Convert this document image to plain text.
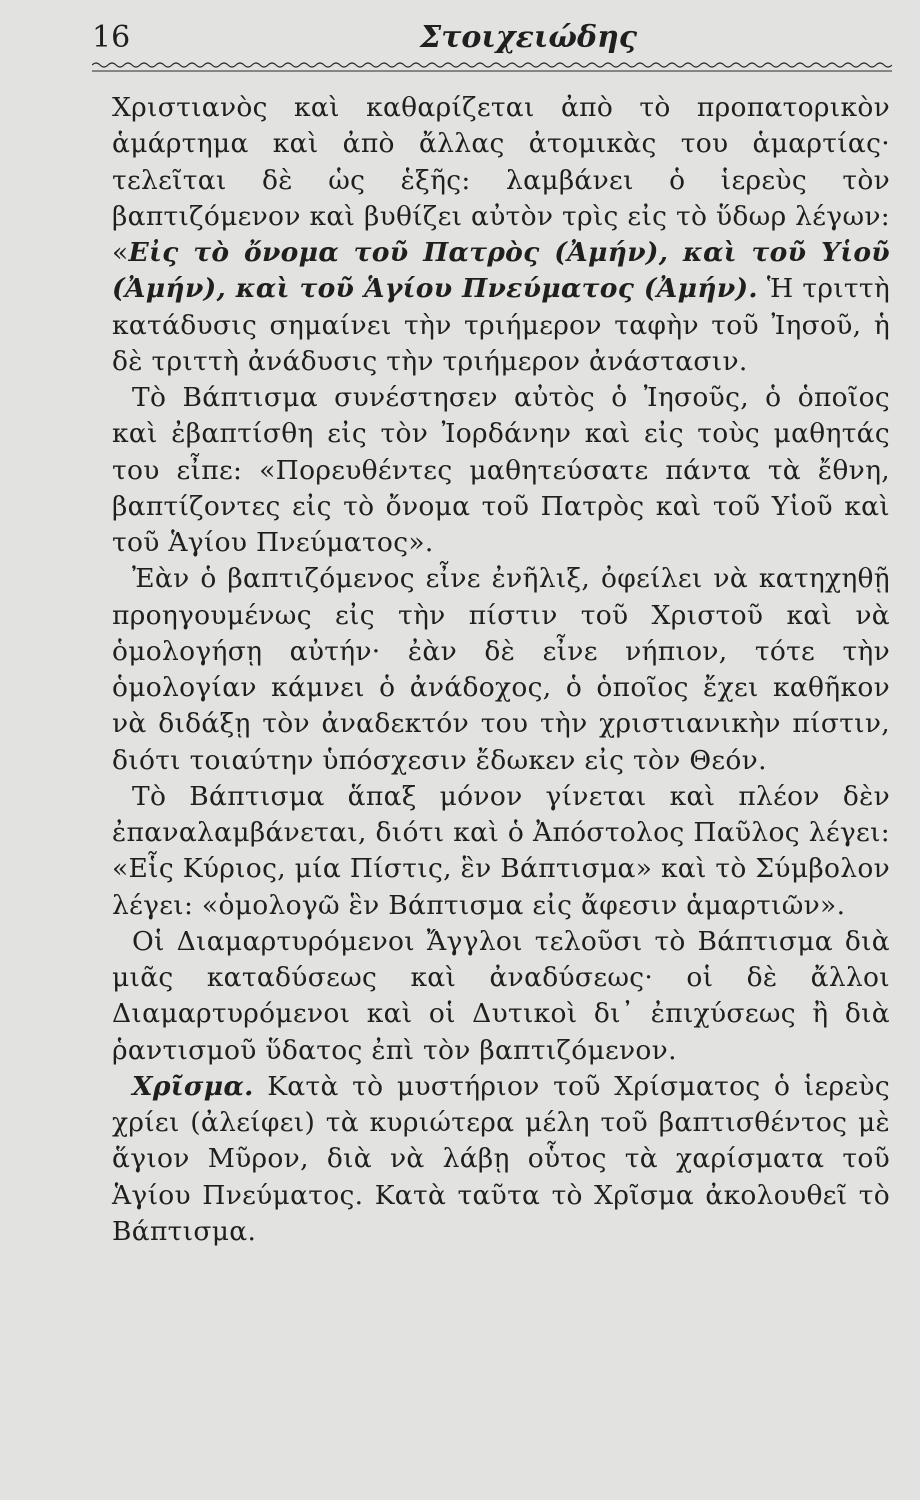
16	Στοιχειώδης

Χριστιανὸς καὶ καθαρίζεται ἀπὸ τὸ προπατορικὸν ἁμάρτημα καὶ ἀπὸ ἄλλας ἀτομικὰς του ἁμαρτίας· τελεῖται δὲ ὡς ἑξῆς: λαμβάνει ὁ ἱερεὺς τὸν βαπτιζόμενον καὶ βυθίζει αὐτὸν τρὶς εἰς τὸ ὕδωρ λέγων: «Εἰς τὸ ὄνομα τοῦ Πατρὸς (Ἀμήν), καὶ τοῦ Υἱοῦ (Ἀμήν), καὶ τοῦ Ἁγίου Πνεύματος (Ἀμήν). Ἡ τριττὴ κατάδυσις σημαίνει τὴν τριήμερον ταφὴν τοῦ Ἰησοῦ, ἡ δὲ τριττὴ ἀνάδυσις τὴν τριήμερον ἀνάστασιν.

Τὸ Βάπτισμα συνέστησεν αὐτὸς ὁ Ἰησοῦς, ὁ ὁποῖος καὶ ἐβαπτίσθη εἰς τὸν Ἰορδάνην καὶ εἰς τοὺς μαθητάς του εἶπε: «Πορευθέντες μαθητεύσατε πάντα τὰ ἔθνη, βαπτίζοντες εἰς τὸ ὄνομα τοῦ Πατρὸς καὶ τοῦ Υἱοῦ καὶ τοῦ Ἁγίου Πνεύματος».

Ἐὰν ὁ βαπτιζόμενος εἶνε ἐνῆλιξ, ὀφείλει νὰ κατηχηθῇ προηγουμένως εἰς τὴν πίστιν τοῦ Χριστοῦ καὶ νὰ ὁμολογήσῃ αὐτήν· ἐὰν δὲ εἶνε νήπιον, τότε τὴν ὁμολογίαν κάμνει ὁ ἀνάδοχος, ὁ ὁποῖος ἔχει καθῆκον νὰ διδάξῃ τὸν ἀναδεκτόν του τὴν χριστιανικὴν πίστιν, διότι τοιαύτην ὑπόσχεσιν ἔδωκεν εἰς τὸν Θεόν.

Τὸ Βάπτισμα ἅπαξ μόνον γίνεται καὶ πλέον δὲν ἐπαναλαμβάνεται, διότι καὶ ὁ Ἀπόστολος Παῦλος λέγει: «Εἷς Κύριος, μία Πίστις, ἓν Βάπτισμα» καὶ τὸ Σύμβολον λέγει: «ὁμολογῶ ἓν Βάπτισμα εἰς ἄφεσιν ἁμαρτιῶν».

Οἱ Διαμαρτυρόμενοι Ἄγγλοι τελοῦσι τὸ Βάπτισμα διὰ μιᾶς καταδύσεως καὶ ἀναδύσεως· οἱ δὲ ἄλλοι Διαμαρτυρόμενοι καὶ οἱ Δυτικοὶ δι᾽ ἐπιχύσεως ἢ διὰ ῥαντισμοῦ ὕδατος ἐπὶ τὸν βαπτιζόμενον.

Χρῖσμα. Κατὰ τὸ μυστήριον τοῦ Χρίσματος ὁ ἱερεὺς χρίει (ἀλείφει) τὰ κυριώτερα μέλη τοῦ βαπτισθέντος μὲ ἅγιον Μῦρον, διὰ νὰ λάβῃ οὗτος τὰ χαρίσματα τοῦ Ἁγίου Πνεύματος. Κατὰ ταῦτα τὸ Χρῖσμα ἀκολουθεῖ τὸ Βάπτισμα.
